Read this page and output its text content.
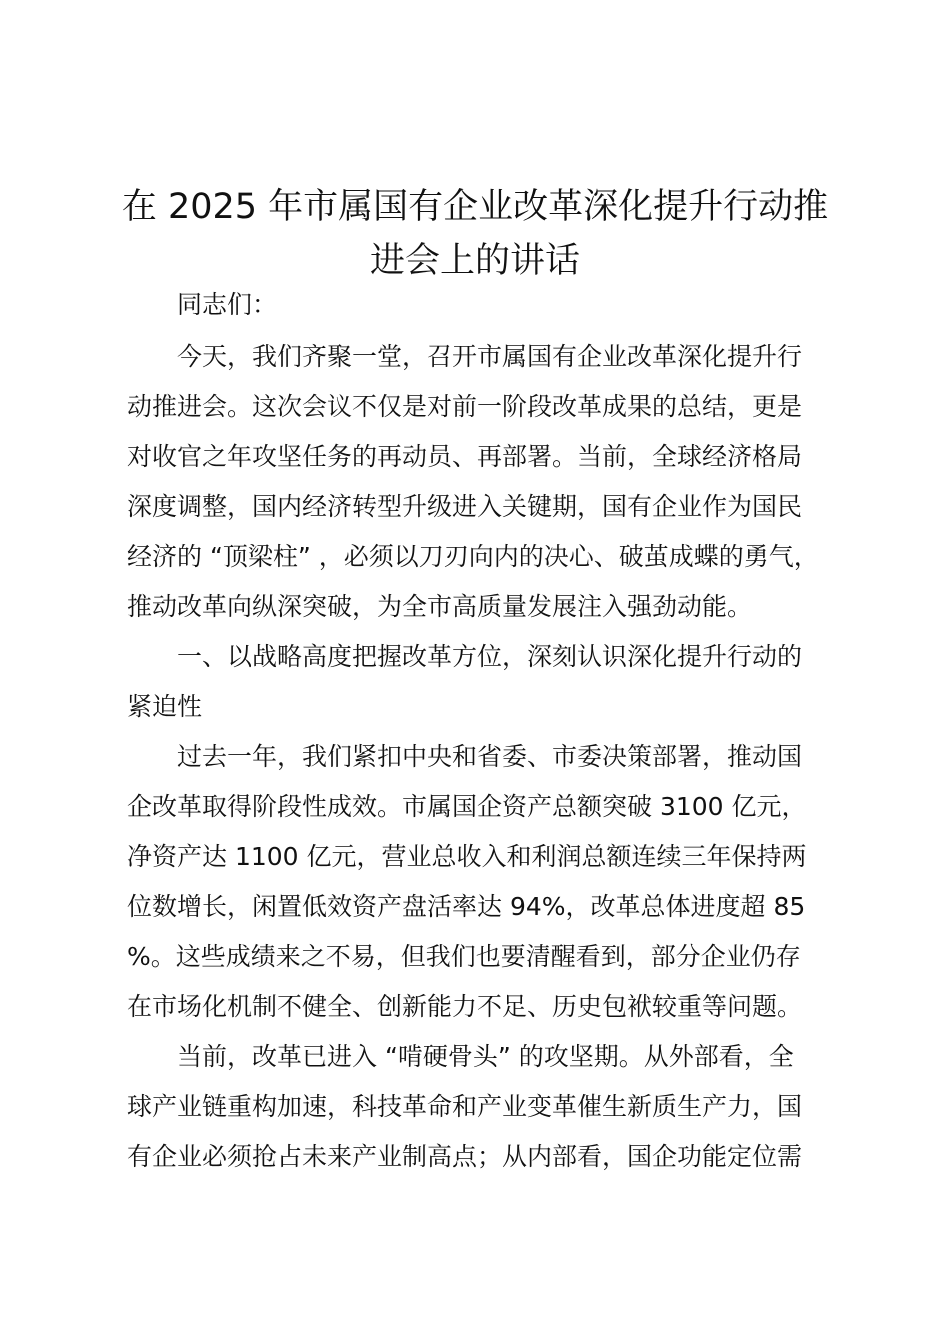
在 2025 年市属国有企业改革深化提升行动推
进会上的讲话
同志们：
今天，我们齐聚一堂，召开市属国有企业改革深化提升行
动推进会。这次会议不仅是对前一阶段改革成果的总结，更是
对收官之年攻坚任务的再动员、再部署。当前，全球经济格局
深度调整，国内经济转型升级进入关键期，国有企业作为国民
经济的 “顶梁柱” ，必须以刀刃向内的决心、破茧成蝶的勇气，
推动改革向纵深突破，为全市高质量发展注入强劲动能。
一、以战略高度把握改革方位，深刻认识深化提升行动的
紧迫性
过去一年，我们紧扣中央和省委、市委决策部署，推动国
企改革取得阶段性成效。市属国企资产总额突破 3100 亿元，
净资产达 1100 亿元，营业总收入和利润总额连续三年保持两
位数增长，闲置低效资产盘活率达 94%，改革总体进度超 85
%。这些成绩来之不易，但我们也要清醒看到，部分企业仍存
在市场化机制不健全、创新能力不足、历史包袱较重等问题。
当前，改革已进入 “啃硬骨头” 的攻坚期。从外部看，全
球产业链重构加速，科技革命和产业变革催生新质生产力，国
有企业必须抢占未来产业制高点；从内部看，国企功能定位需
